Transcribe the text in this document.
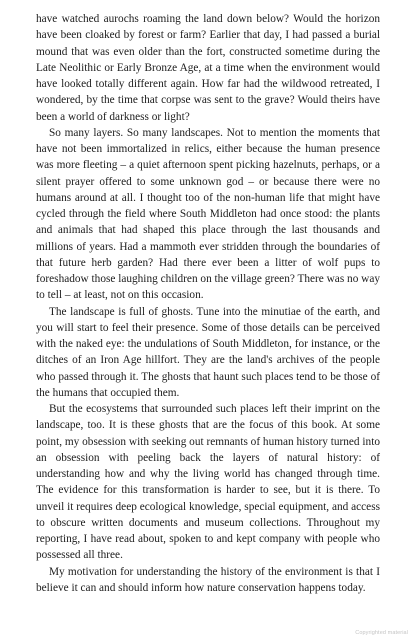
have watched aurochs roaming the land down below? Would the horizon have been cloaked by forest or farm? Earlier that day, I had passed a burial mound that was even older than the fort, constructed sometime during the Late Neolithic or Early Bronze Age, at a time when the environment would have looked totally different again. How far had the wildwood retreated, I wondered, by the time that corpse was sent to the grave? Would theirs have been a world of darkness or light?

So many layers. So many landscapes. Not to mention the moments that have not been immortalized in relics, either because the human presence was more fleeting – a quiet afternoon spent picking hazelnuts, perhaps, or a silent prayer offered to some unknown god – or because there were no humans around at all. I thought too of the non-human life that might have cycled through the field where South Middleton had once stood: the plants and animals that had shaped this place through the last thousands and millions of years. Had a mammoth ever stridden through the boundaries of that future herb garden? Had there ever been a litter of wolf pups to foreshadow those laughing children on the village green? There was no way to tell – at least, not on this occasion.

The landscape is full of ghosts. Tune into the minutiae of the earth, and you will start to feel their presence. Some of those details can be perceived with the naked eye: the undulations of South Middleton, for instance, or the ditches of an Iron Age hillfort. They are the land's archives of the people who passed through it. The ghosts that haunt such places tend to be those of the humans that occupied them.

But the ecosystems that surrounded such places left their imprint on the landscape, too. It is these ghosts that are the focus of this book. At some point, my obsession with seeking out remnants of human history turned into an obsession with peeling back the layers of natural history: of understanding how and why the living world has changed through time. The evidence for this transformation is harder to see, but it is there. To unveil it requires deep ecological knowledge, special equipment, and access to obscure written documents and museum collections. Throughout my reporting, I have read about, spoken to and kept company with people who possessed all three.

My motivation for understanding the history of the environment is that I believe it can and should inform how nature conservation happens today.

Copyrighted material
